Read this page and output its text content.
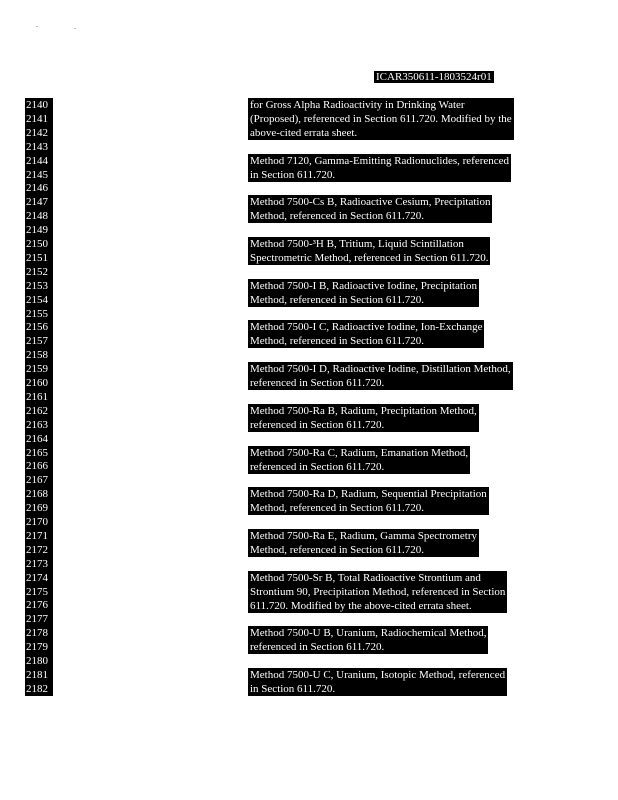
ICAR350611-1803524r01
2140
2141
2142
2143
2144
2145
2146
2147
2148
2149
2150
2151
2152
2153
2154
2155
2156
2157
2158
2159
2160
2161
2162
2163
2164
2165
2166
2167
2168
2169
2170
2171
2172
2173
2174
2175
2176
2177
2178
2179
2180
2181
2182
for Gross Alpha Radioactivity in Drinking Water
(Proposed), referenced in Section 611.720. Modified by the
above-cited errata sheet.
Method 7120, Gamma-Emitting Radionuclides, referenced
in Section 611.720.
Method 7500-Cs B, Radioactive Cesium, Precipitation
Method, referenced in Section 611.720.
Method 7500-³H B, Tritium, Liquid Scintillation
Spectrometric Method, referenced in Section 611.720.
Method 7500-I B, Radioactive Iodine, Precipitation
Method, referenced in Section 611.720.
Method 7500-I C, Radioactive Iodine, Ion-Exchange
Method, referenced in Section 611.720.
Method 7500-I D, Radioactive Iodine, Distillation Method,
referenced in Section 611.720.
Method 7500-Ra B, Radium, Precipitation Method,
referenced in Section 611.720.
Method 7500-Ra C, Radium, Emanation Method,
referenced in Section 611.720.
Method 7500-Ra D, Radium, Sequential Precipitation
Method, referenced in Section 611.720.
Method 7500-Ra E, Radium, Gamma Spectrometry
Method, referenced in Section 611.720.
Method 7500-Sr B, Total Radioactive Strontium and
Strontium 90, Precipitation Method, referenced in Section
611.720. Modified by the above-cited errata sheet.
Method 7500-U B, Uranium, Radiochemical Method,
referenced in Section 611.720.
Method 7500-U C, Uranium, Isotopic Method, referenced
in Section 611.720.
